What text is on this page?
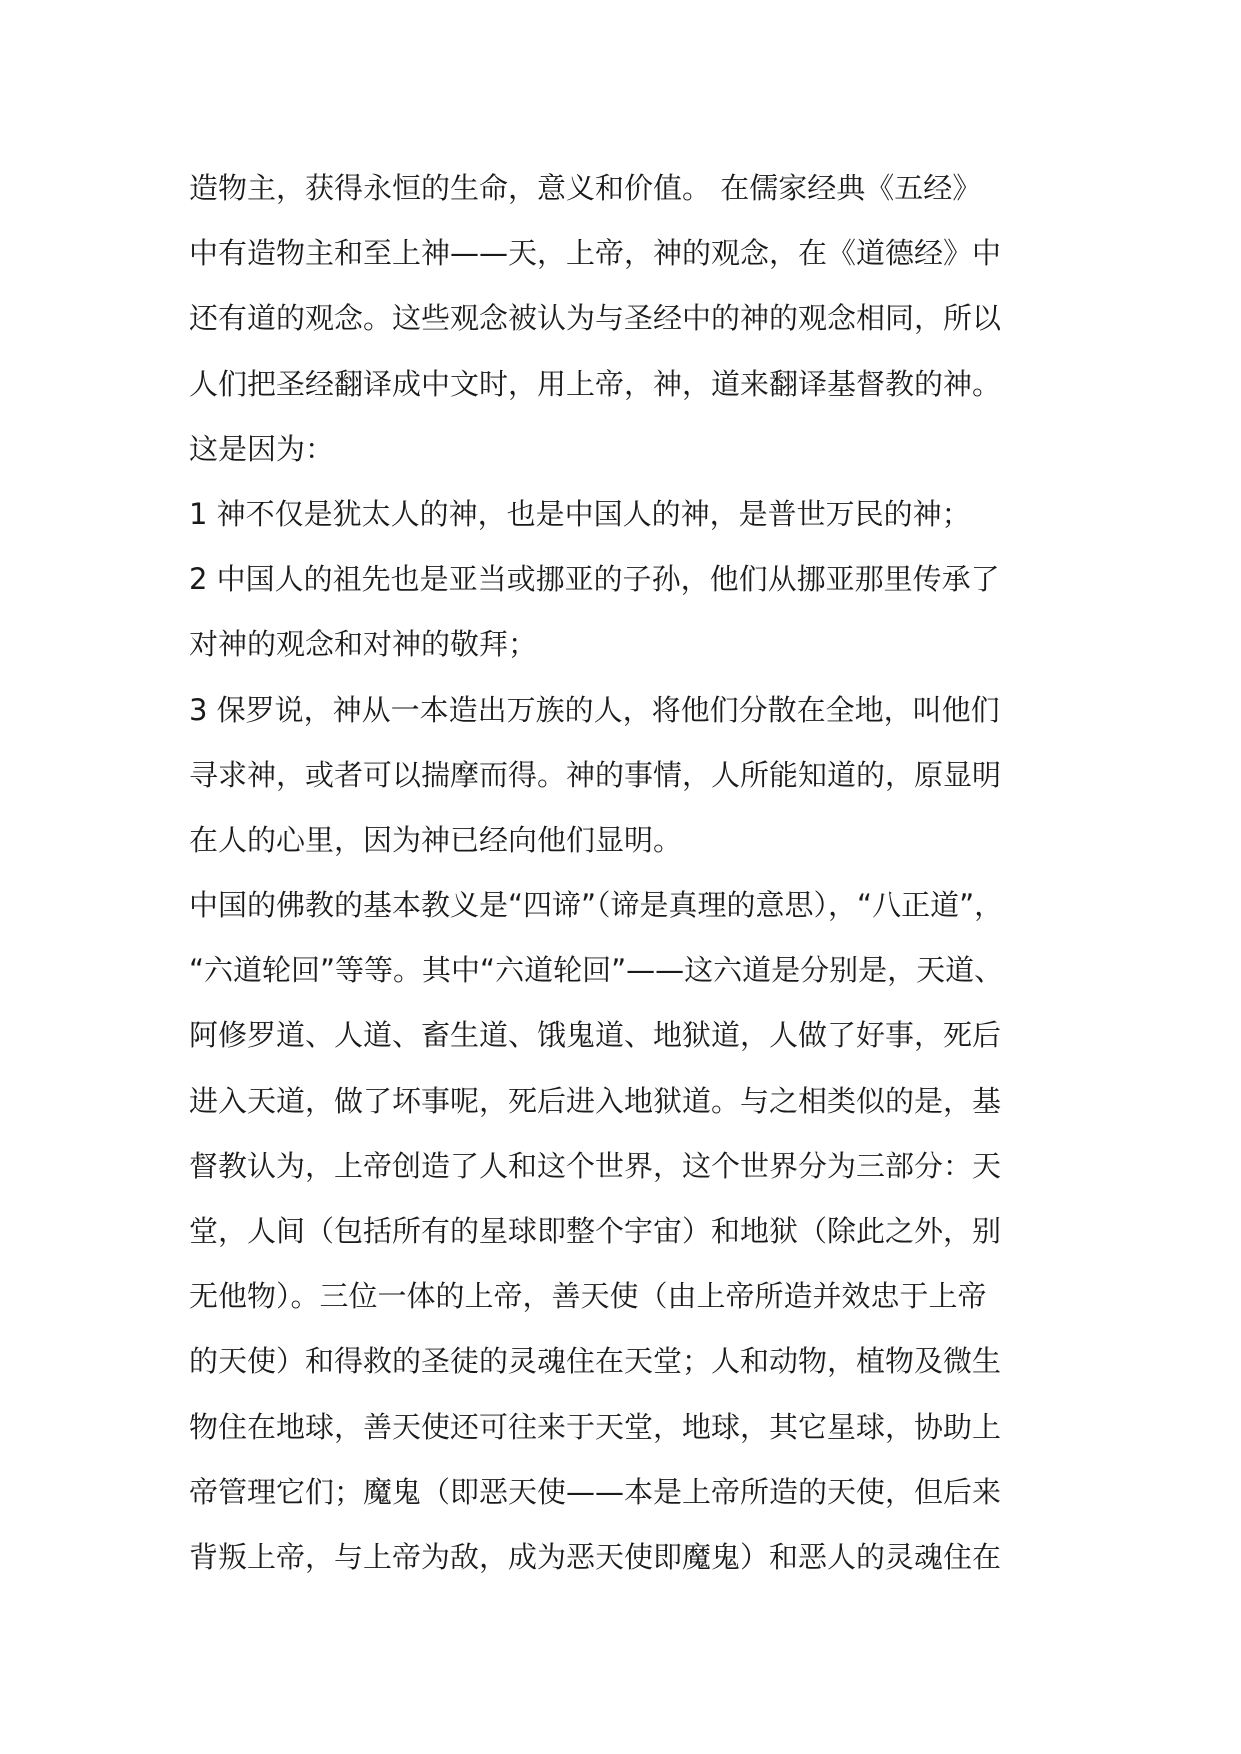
造物主，获得永恒的生命，意义和价值。 在儒家经典《五经》
中有造物主和至上神——天，上帝，神的观念，在《道德经》中
还有道的观念。这些观念被认为与圣经中的神的观念相同，所以
人们把圣经翻译成中文时，用上帝，神，道来翻译基督教的神。
这是因为：
1 神不仅是犹太人的神，也是中国人的神，是普世万民的神；
2 中国人的祖先也是亚当或挪亚的子孙，他们从挪亚那里传承了
对神的观念和对神的敬拜；
3 保罗说，神从一本造出万族的人，将他们分散在全地，叫他们
寻求神，或者可以揣摩而得。神的事情，人所能知道的，原显明
在人的心里，因为神已经向他们显明。
中国的佛教的基本教义是“四谛”（谛是真理的意思），“八正道”，
“六道轮回”等等。其中“六道轮回”——这六道是分别是，天道、
阿修罗道、人道、畜生道、饿鬼道、地狱道，人做了好事，死后
进入天道，做了坏事呢，死后进入地狱道。与之相类似的是，基
督教认为，上帝创造了人和这个世界，这个世界分为三部分：天
堂，人间（包括所有的星球即整个宇宙）和地狱（除此之外，别
无他物）。三位一体的上帝，善天使（由上帝所造并效忠于上帝
的天使）和得救的圣徒的灵魂住在天堂；人和动物，植物及微生
物住在地球，善天使还可往来于天堂，地球，其它星球，协助上
帝管理它们；魔鬼（即恶天使——本是上帝所造的天使，但后来
背叛上帝，与上帝为敌，成为恶天使即魔鬼）和恶人的灵魂住在
